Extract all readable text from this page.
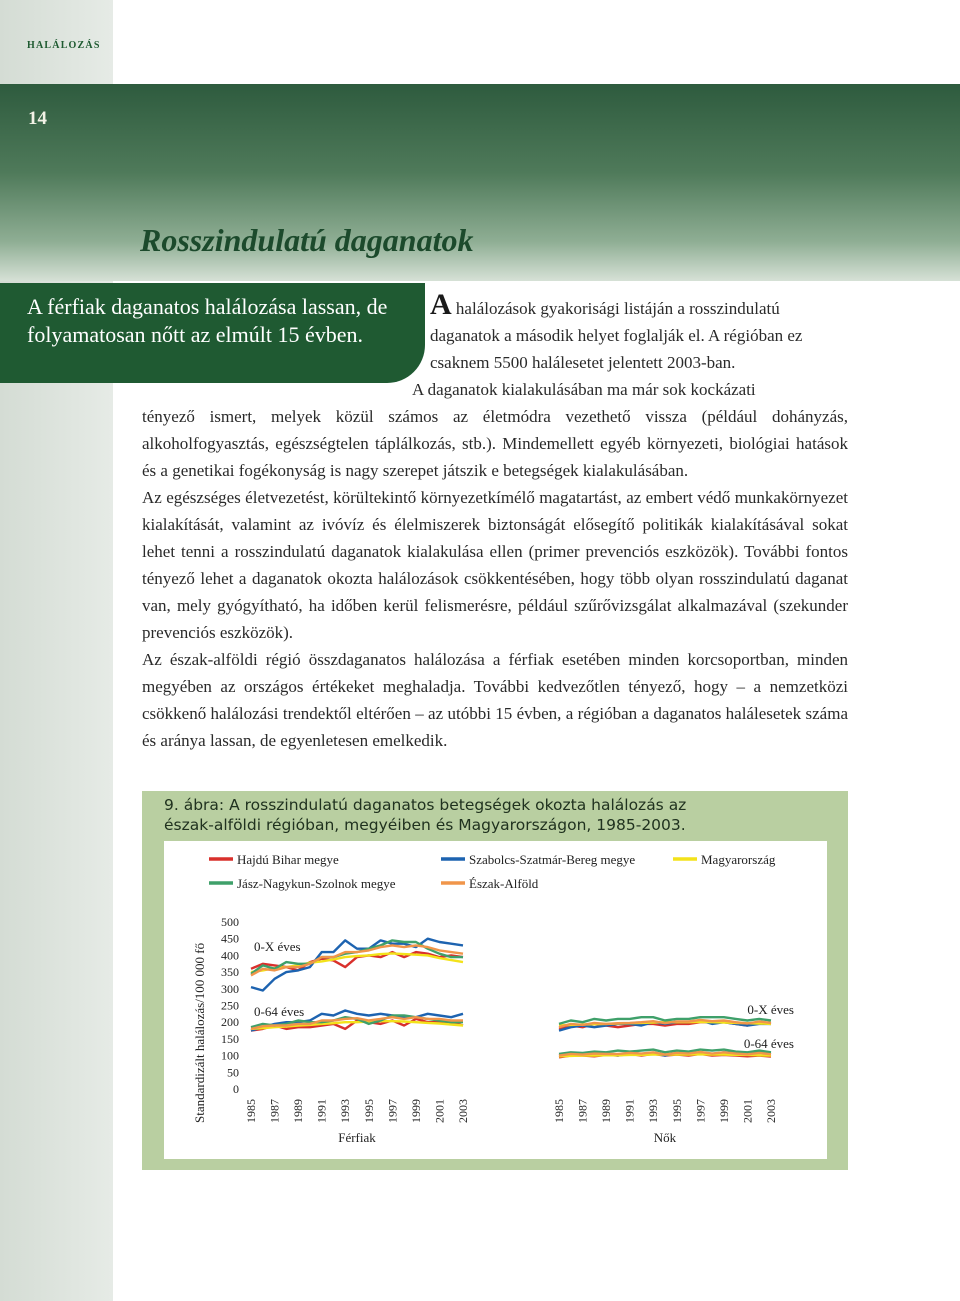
HALÁLOZÁS
14
Rosszindulatú daganatok
A férfiak daganatos halálozása lassan, de folyamatosan nőtt az elmúlt 15 évben.

A halálozások gyakorisági listáján a rosszindulatú

daganatok a második helyet foglalják el. A régióban ez

csaknem 5500 halálesetet jelentett 2003-ban.

A daganatok kialakulásában ma már sok kockázati

tényező ismert, melyek közül számos az életmódra vezethető vissza (például dohányzás, alkoholfogyasztás, egészségtelen táplálkozás, stb.). Mindemellett egyéb környezeti, biológiai hatások és a genetikai fogékonyság is nagy szerepet játszik e betegségek kialakulásában.

Az egészséges életvezetést, körültekintő környezetkímélő magatartást, az embert védő munkakörnyezet kialakítását, valamint az ivóvíz és élelmiszerek biztonságát elősegítő politikák kialakításával sokat lehet tenni a rosszindulatú daganatok kialakulása ellen (primer prevenciós eszközök). További fontos tényező lehet a daganatok okozta halálozások csökkentésében, hogy több olyan rosszindulatú daganat van, mely gyógyítható, ha időben kerül felismerésre, például szűrővizsgálat alkalmazával (szekunder prevenciós eszközök).

Az észak-alföldi régió összdaganatos halálozása a férfiak esetében minden korcsoportban, minden megyében az országos értékeket meghaladja. További kedvezőtlen tényező, hogy – a nemzetközi csökkenő halálozási trendektől eltérően – az utóbbi 15 évben, a régióban a daganatos halálesetek száma és aránya lassan, de egyenletesen emelkedik.

9. ábra: A rosszindulatú daganatos betegségek okozta halálozás az
észak-alföldi régióban, megyéiben és Magyarországon, 1985-2003.
Hajdú Bihar megye	Szabolcs-Szatmár-Bereg megye	Magyarország
Jász-Nagykun-Szolnok megye	Észak-Alföld
Standardizált halálozás/100 000 fő 0
50
100
150
200
250
300
350
400
450
500
1985 1987 1989 1991 1993 1995 1997 1999 2001 2003
Férfiak
1985 1987 1989 1991 1993 1995 1997 1999 2001 2003
Nők
0-X éves
0-64 éves	0-X éves
0-64 éves
